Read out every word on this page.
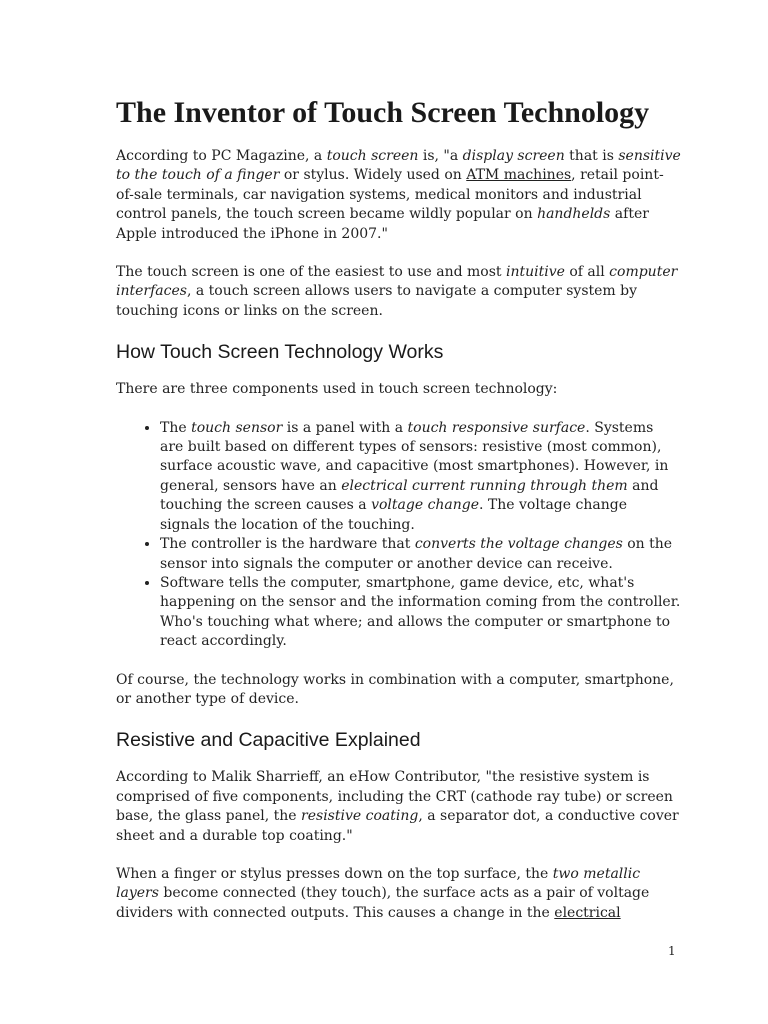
The Inventor of Touch Screen Technology

According to PC Magazine, a touch screen is, "a display screen that is sensitive to the touch of a finger or stylus. Widely used on ATM machines, retail point-of-sale terminals, car navigation systems, medical monitors and industrial control panels, the touch screen became wildly popular on handhelds after Apple introduced the iPhone in 2007."

The touch screen is one of the easiest to use and most intuitive of all computer interfaces, a touch screen allows users to navigate a computer system by touching icons or links on the screen.

How Touch Screen Technology Works

There are three components used in touch screen technology:

• The touch sensor is a panel with a touch responsive surface. Systems are built based on different types of sensors: resistive (most common), surface acoustic wave, and capacitive (most smartphones). However, in general, sensors have an electrical current running through them and touching the screen causes a voltage change. The voltage change signals the location of the touching.
• The controller is the hardware that converts the voltage changes on the sensor into signals the computer or another device can receive.
• Software tells the computer, smartphone, game device, etc, what's happening on the sensor and the information coming from the controller. Who's touching what where; and allows the computer or smartphone to react accordingly.

Of course, the technology works in combination with a computer, smartphone, or another type of device.

Resistive and Capacitive Explained

According to Malik Sharrieff, an eHow Contributor, "the resistive system is comprised of five components, including the CRT (cathode ray tube) or screen base, the glass panel, the resistive coating, a separator dot, a conductive cover sheet and a durable top coating."

When a finger or stylus presses down on the top surface, the two metallic layers become connected (they touch), the surface acts as a pair of voltage dividers with connected outputs. This causes a change in the electrical

1
